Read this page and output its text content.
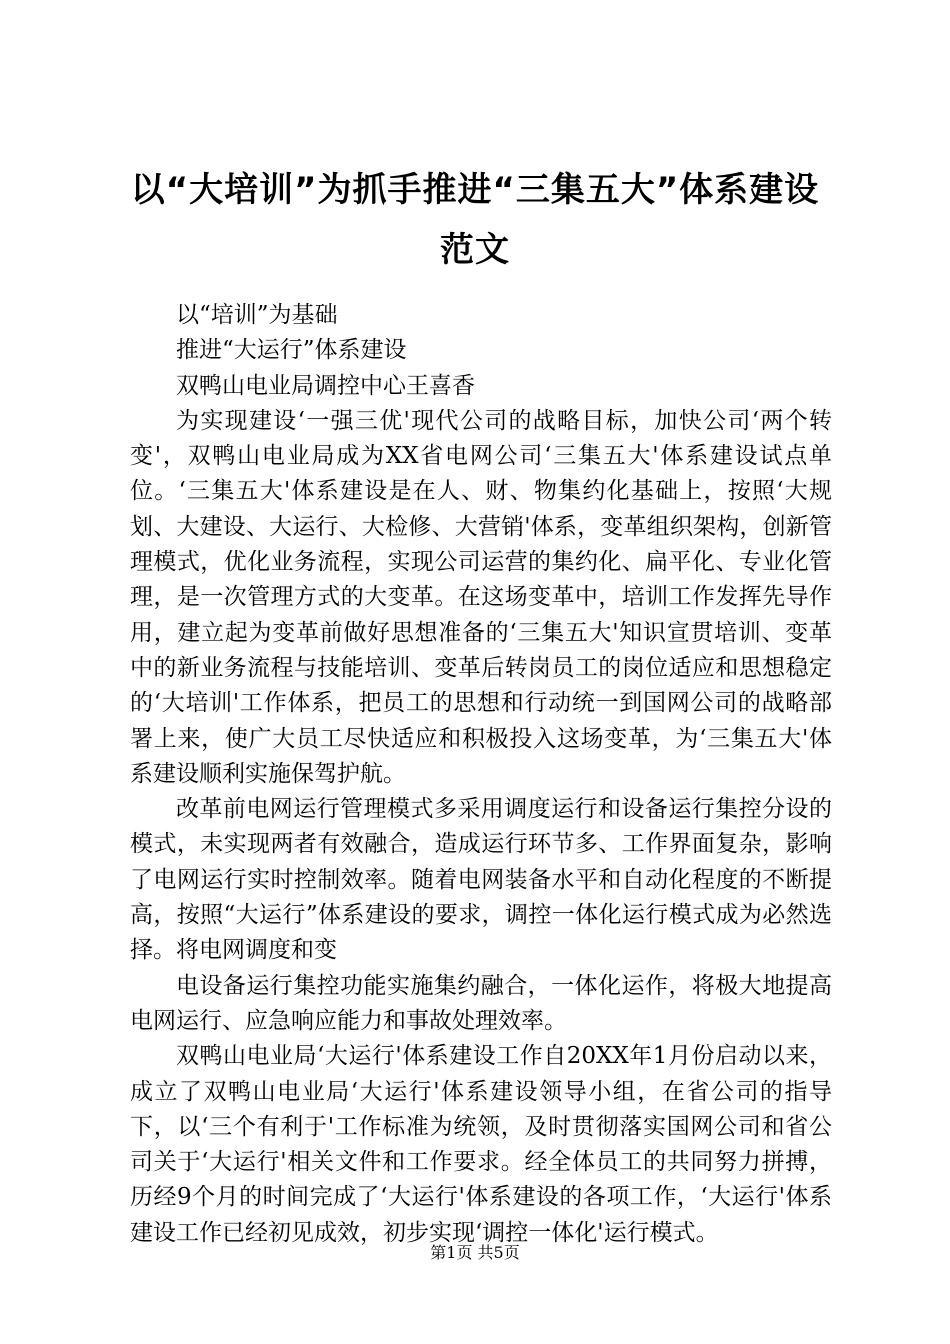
以“大培训”为抓手推进“三集五大”体系建设范文

以“培训”为基础

推进“大运行”体系建设

双鸭山电业局调控中心王喜香

为实现建设‘一强三优'现代公司的战略目标，加快公司‘两个转变'，双鸭山电业局成为XX省电网公司‘三集五大'体系建设试点单位。‘三集五大'体系建设是在人、财、物集约化基础上，按照‘大规划、大建设、大运行、大检修、大营销'体系，变革组织架构，创新管理模式，优化业务流程，实现公司运营的集约化、扁平化、专业化管理，是一次管理方式的大变革。在这场变革中，培训工作发挥先导作用，建立起为变革前做好思想准备的‘三集五大'知识宣贯培训、变革中的新业务流程与技能培训、变革后转岗员工的岗位适应和思想稳定的‘大培训'工作体系，把员工的思想和行动统一到国网公司的战略部署上来，使广大员工尽快适应和积极投入这场变革，为‘三集五大'体系建设顺利实施保驾护航。

改革前电网运行管理模式多采用调度运行和设备运行集控分设的模式，未实现两者有效融合，造成运行环节多、工作界面复杂，影响了电网运行实时控制效率。随着电网装备水平和自动化程度的不断提高，按照“大运行”体系建设的要求，调控一体化运行模式成为必然选择。将电网调度和变

电设备运行集控功能实施集约融合，一体化运作，将极大地提高电网运行、应急响应能力和事故处理效率。

双鸭山电业局‘大运行'体系建设工作自20XX年1月份启动以来，成立了双鸭山电业局‘大运行'体系建设领导小组，在省公司的指导下，以‘三个有利于'工作标准为统领，及时贯彻落实国网公司和省公司关于‘大运行'相关文件和工作要求。经全体员工的共同努力拼搏，历经9个月的时间完成了‘大运行'体系建设的各项工作，‘大运行'体系建设工作已经初见成效，初步实现‘调控一体化'运行模式。

第1页 共5页
